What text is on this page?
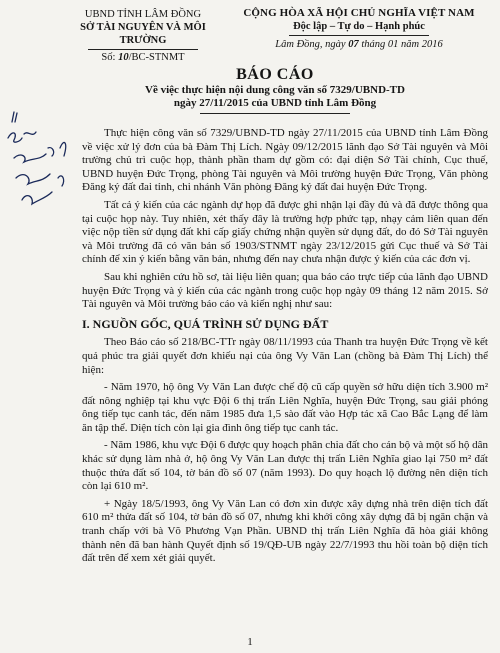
UBND TỈNH LÂM ĐỒNG
SỞ TÀI NGUYÊN VÀ MÔI TRƯỜNG
Số: 10/BC-STNMT
CỘNG HÒA XÃ HỘI CHỦ NGHĨA VIỆT NAM
Độc lập – Tự do – Hạnh phúc
Lâm Đồng, ngày 07 tháng 01 năm 2016
BÁO CÁO
Về việc thực hiện nội dung công văn số 7329/UBND-TD
ngày 27/11/2015 của UBND tỉnh Lâm Đồng

Thực hiện công văn số 7329/UBND-TD ngày 27/11/2015 của UBND tỉnh Lâm Đồng về việc xử lý đơn của bà Đàm Thị Lích. Ngày 09/12/2015 lãnh đạo Sở Tài nguyên và Môi trường chủ trì cuộc họp, thành phần tham dự gồm có: đại diện Sở Tài chính, Cục thuế, UBND huyện Đức Trọng, phòng Tài nguyên và Môi trường huyện Đức Trọng, Văn phòng Đăng ký đất đai tỉnh, chi nhánh Văn phòng Đăng ký đất đai huyện Đức Trọng.

Tất cả ý kiến của các ngành dự họp đã được ghi nhận lại đầy đủ và đã được thông qua tại cuộc họp này. Tuy nhiên, xét thấy đây là trường hợp phức tạp, nhạy cảm liên quan đến việc nộp tiền sử dụng đất khi cấp giấy chứng nhận quyền sử dụng đất, do đó Sở Tài nguyên và Môi trường đã có văn bản số 1903/STNMT ngày 23/12/2015 gửi Cục thuế và Sở Tài chính để xin ý kiến bằng văn bản, nhưng đến nay chưa nhận được ý kiến của các đơn vị.

Sau khi nghiên cứu hồ sơ, tài liệu liên quan; qua báo cáo trực tiếp của lãnh đạo UBND huyện Đức Trọng và ý kiến của các ngành trong cuộc họp ngày 09 tháng 12 năm 2015. Sở Tài nguyên và Môi trường báo cáo và kiến nghị như sau:

I. NGUỒN GỐC, QUÁ TRÌNH SỬ DỤNG ĐẤT

Theo Báo cáo số 218/BC-TTr ngày 08/11/1993 của Thanh tra huyện Đức Trọng về kết quả phúc tra giải quyết đơn khiếu nại của ông Vy Văn Lan (chồng bà Đàm Thị Lích) thể hiện:

- Năm 1970, hộ ông Vy Văn Lan được chế độ cũ cấp quyền sở hữu diện tích 3.900 m² đất nông nghiệp tại khu vực Đội 6 thị trấn Liên Nghĩa, huyện Đức Trọng, sau giải phóng ông tiếp tục canh tác, đến năm 1985 đưa 1,5 sào đất vào Hợp tác xã Cao Bắc Lạng để làm ăn tập thể. Diện tích còn lại gia đình ông tiếp tục canh tác.

- Năm 1986, khu vực Đội 6 được quy hoạch phân chia đất cho cán bộ và một số hộ dân khác sử dụng làm nhà ở, hộ ông Vy Văn Lan được thị trấn Liên Nghĩa giao lại 750 m² đất thuộc thửa đất số 104, tờ bản đồ số 07 (năm 1993). Do quy hoạch lộ đường nên diện tích còn lại 610 m².

+ Ngày 18/5/1993, ông Vy Văn Lan có đơn xin được xây dựng nhà trên diện tích đất 610 m² thửa đất số 104, tờ bản đồ số 07, nhưng khi khởi công xây dựng đã bị ngăn chặn và tranh chấp với bà Võ Phương Vạn Phần. UBND thị trấn Liên Nghĩa đã hòa giải không thành nên đã ban hành Quyết định số 19/QĐ-UB ngày 22/7/1993 thu hồi toàn bộ diện tích đất trên để xem xét giải quyết.

1
